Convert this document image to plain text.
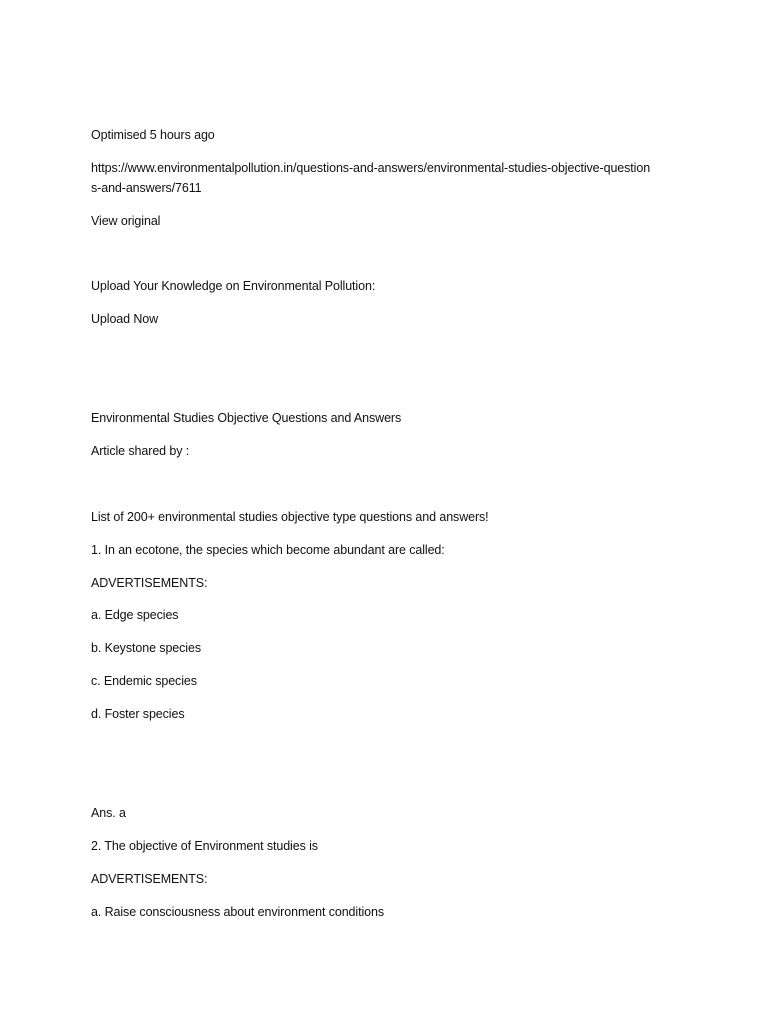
Optimised 5 hours ago
https://www.environmentalpollution.in/questions-and-answers/environmental-studies-objective-questions-and-answers/7611
View original
Upload Your Knowledge on Environmental Pollution:
Upload Now
Environmental Studies Objective Questions and Answers
Article shared by :
List of 200+ environmental studies objective type questions and answers!
1. In an ecotone, the species which become abundant are called:
ADVERTISEMENTS:
a. Edge species
b. Keystone species
c. Endemic species
d. Foster species
Ans. a
2. The objective of Environment studies is
ADVERTISEMENTS:
a. Raise consciousness about environment conditions
